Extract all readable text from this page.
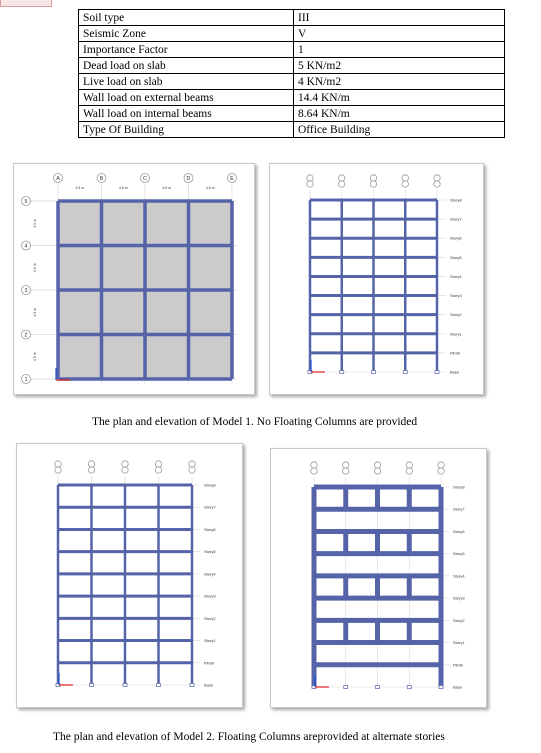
Soil type	III
Seismic Zone	V
Importance Factor	1
Dead load on slab	5 KN/m2
Live load on slab	4 KN/m2
Wall load on external beams	14.4 KN/m
Wall load on internal beams	8.64 KN/m
Type Of Building	Office Building
A	B	C	D	E
5
4
3
2
1
4.5 m	4.5 m	4.5 m	4.5 m
4.5 m
4.5 m
4.5 m
4.5 m
Story8
Story7
Story6
Story5
Story4
Story3
Story2
Story1
Plinth
Base
The plan and elevation of Model 1. No Floating Columns are provided
Story8
Story7
Story6
Story5
Story4
Story3
Story2
Story1
Plinth
Base
Story8
Story7
Story6
Story5
Story4
Story3
Story2
Story1
Plinth
Base
The plan and elevation of Model 2. Floating Columns areprovided at alternate stories
